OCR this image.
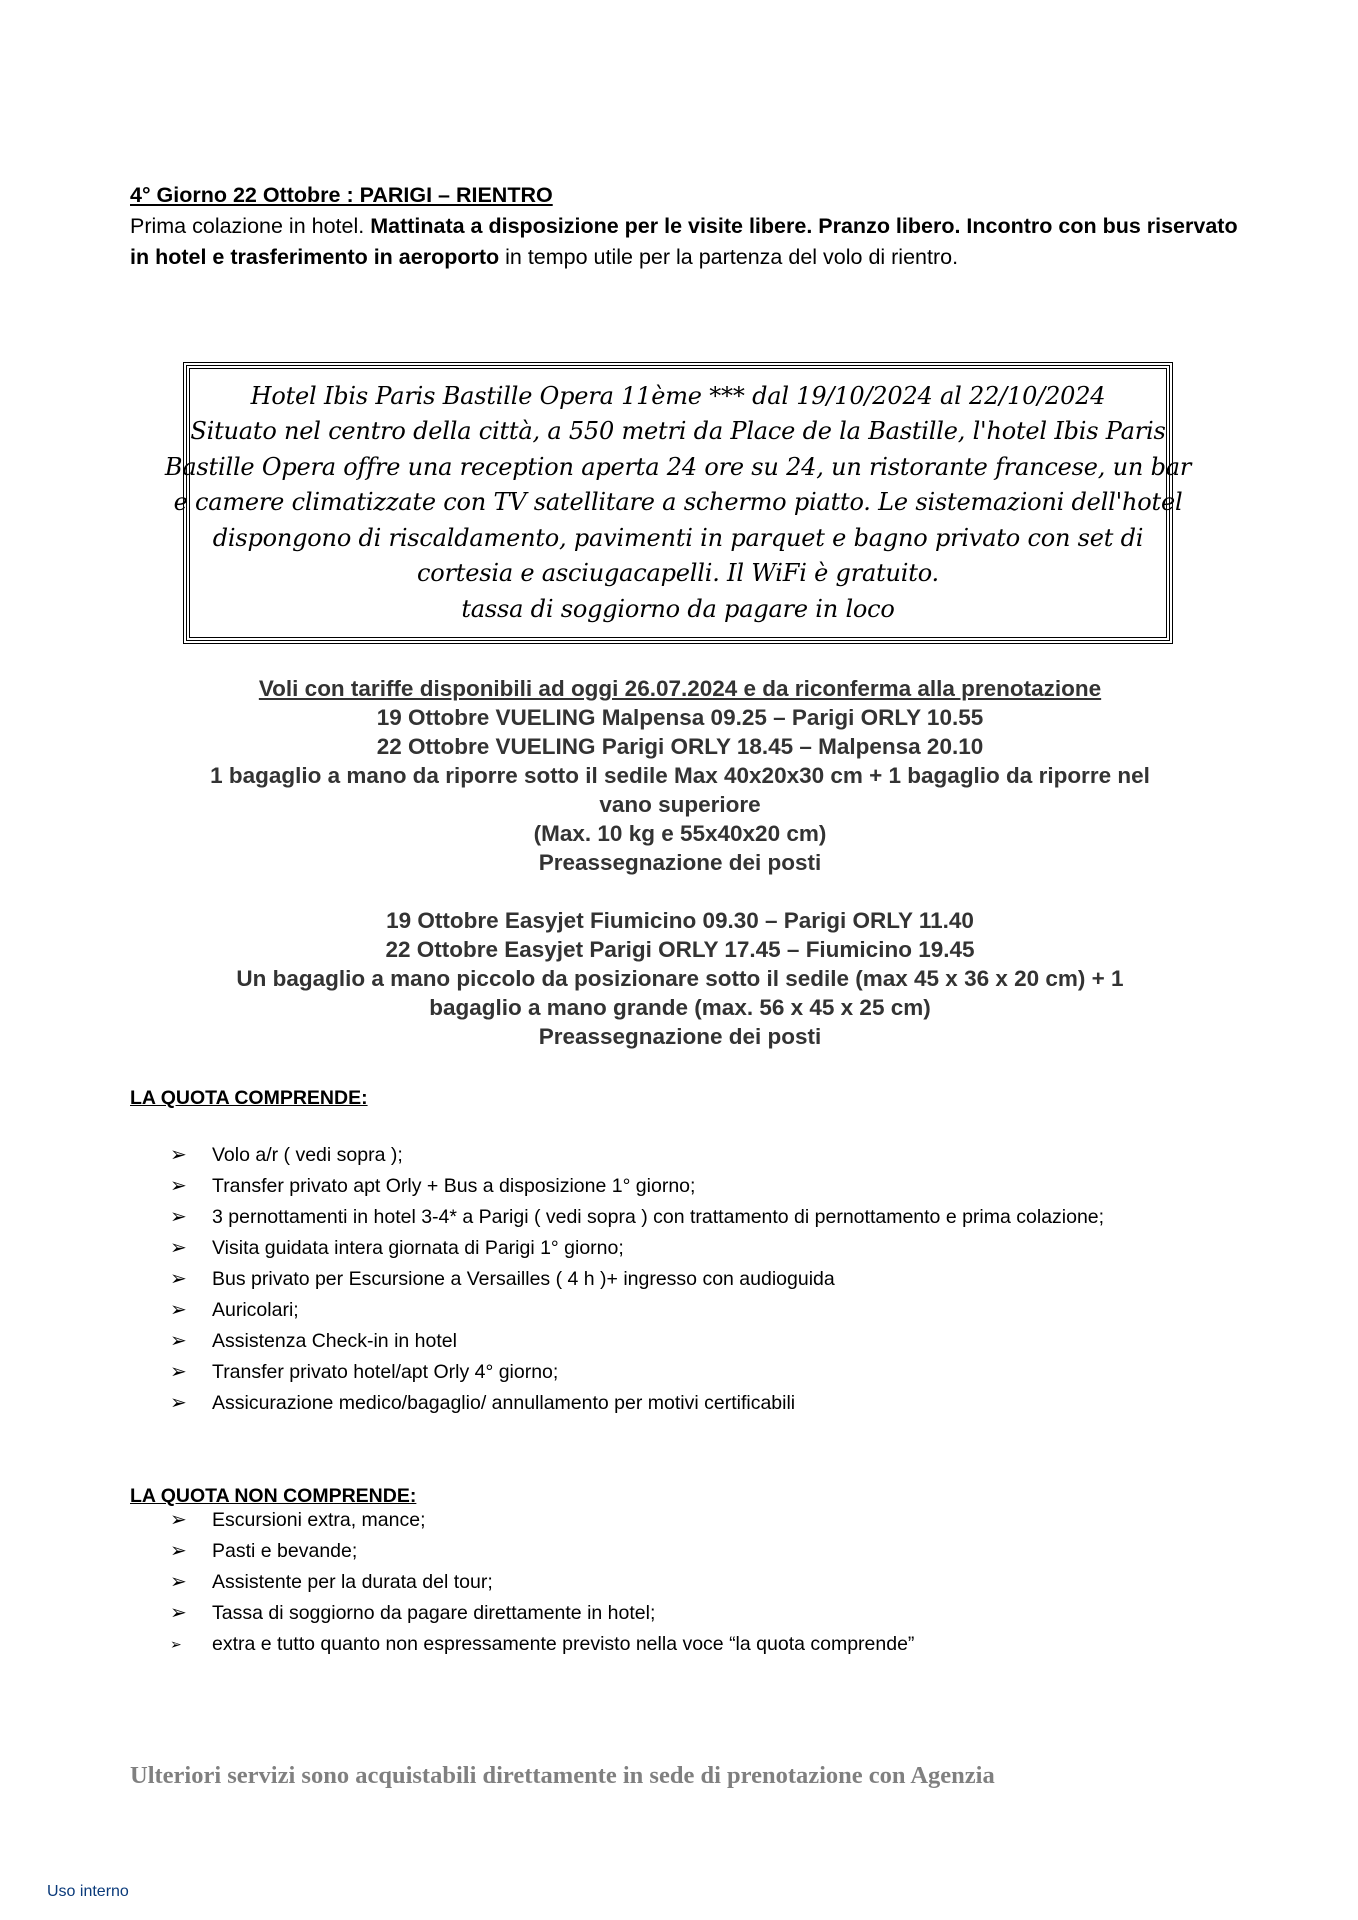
4° Giorno 22 Ottobre : PARIGI – RIENTRO
Prima colazione in hotel. Mattinata a disposizione per le visite libere. Pranzo libero. Incontro con bus riservato in hotel e trasferimento in aeroporto in tempo utile per la partenza del volo di rientro.
Hotel Ibis Paris Bastille Opera 11ème *** dal 19/10/2024 al 22/10/2024
Situato nel centro della città, a 550 metri da Place de la Bastille, l'hotel Ibis Paris
Bastille Opera offre una reception aperta 24 ore su 24, un ristorante francese, un bar
e camere climatizzate con TV satellitare a schermo piatto. Le sistemazioni dell'hotel
dispongono di riscaldamento, pavimenti in parquet e bagno privato con set di
cortesia e asciugacapelli. Il WiFi è gratuito.
tassa di soggiorno da pagare in loco
Voli con tariffe disponibili ad oggi 26.07.2024 e da riconferma alla prenotazione
19 Ottobre VUELING Malpensa 09.25 – Parigi ORLY 10.55
22 Ottobre VUELING Parigi ORLY 18.45 – Malpensa 20.10
1 bagaglio a mano da riporre sotto il sedile Max 40x20x30 cm + 1 bagaglio da riporre nel
vano superiore
(Max. 10 kg e 55x40x20 cm)
Preassegnazione dei posti
19 Ottobre Easyjet Fiumicino 09.30 – Parigi ORLY 11.40
22 Ottobre Easyjet Parigi ORLY 17.45 – Fiumicino 19.45
Un bagaglio a mano piccolo da posizionare sotto il sedile (max 45 x 36 x 20 cm) + 1
bagaglio a mano grande (max. 56 x 45 x 25 cm)
Preassegnazione dei posti
LA QUOTA COMPRENDE:
➢ Volo a/r ( vedi sopra );
➢ Transfer privato apt Orly + Bus a disposizione 1° giorno;
➢ 3 pernottamenti in hotel 3-4* a Parigi ( vedi sopra ) con trattamento di pernottamento e prima colazione;
➢ Visita guidata intera giornata di Parigi 1° giorno;
➢ Bus privato per Escursione a Versailles ( 4 h )+ ingresso con audioguida
➢ Auricolari;
➢ Assistenza Check-in in hotel
➢ Transfer privato hotel/apt Orly 4° giorno;
➢ Assicurazione medico/bagaglio/ annullamento per motivi certificabili
LA QUOTA NON COMPRENDE:
➢ Escursioni extra, mance;
➢ Pasti e bevande;
➢ Assistente per la durata del tour;
➢ Tassa di soggiorno da pagare direttamente in hotel;
➢ extra e tutto quanto non espressamente previsto nella voce “la quota comprende”
Ulteriori servizi sono acquistabili direttamente in sede di prenotazione con Agenzia
Uso interno
